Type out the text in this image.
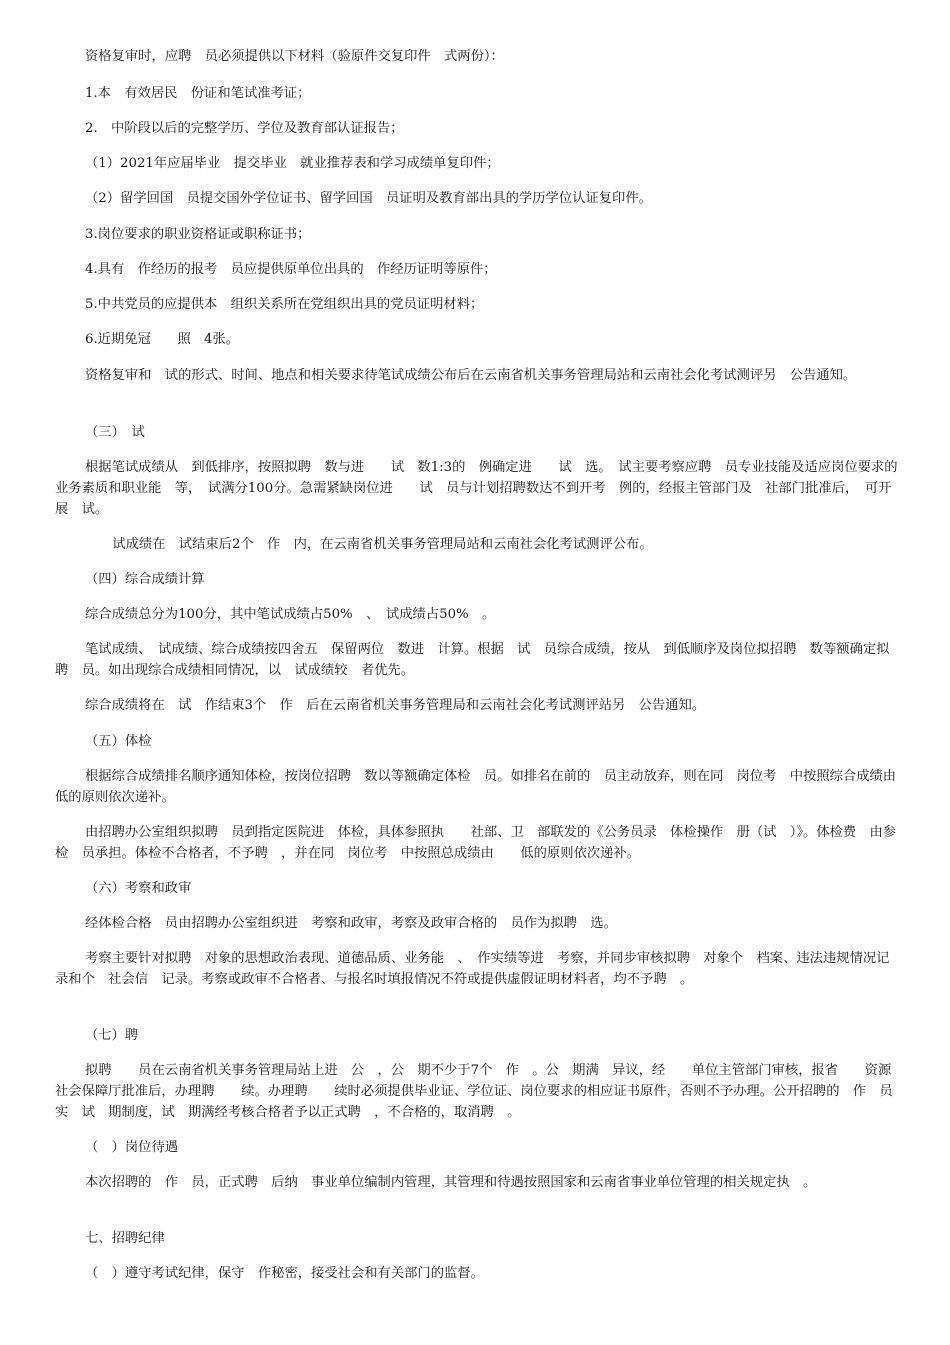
资格复审时，应聘　员必须提供以下材料（验原件交复印件　式两份）：

1.本　有效居民　份证和笔试准考证；

2.　中阶段以后的完整学历、学位及教育部认证报告；

（1）2021年应届毕业　提交毕业　就业推荐表和学习成绩单复印件；

（2）留学回国　员提交国外学位证书、留学回国　员证明及教育部出具的学历学位认证复印件。

3.岗位要求的职业资格证或职称证书；

4.具有　作经历的报考　员应提供原单位出具的　作经历证明等原件；

5.中共党员的应提供本　组织关系所在党组织出具的党员证明材料；

6.近期免冠　　照　4张。

资格复审和　试的形式、时间、地点和相关要求待笔试成绩公布后在云南省机关事务管理局站和云南社会化考试测评另　公告通知。

（三）　试

根据笔试成绩从　到低排序，按照拟聘　数与进　　试　数1:3的　例确定进　　试　选。　试主要考察应聘　员专业技能及适应岗位要求的业务素质和职业能　等，　试满分100分。急需紧缺岗位进　　试　员与计划招聘数达不到开考　例的，经报主管部门及　社部门批准后，　可开展　试。

　试成绩在　试结束后2个　作　内，在云南省机关事务管理局站和云南社会化考试测评公布。

（四）综合成绩计算

综合成绩总分为100分，其中笔试成绩占50%　、　试成绩占50%　。

笔试成绩、　试成绩、综合成绩按四舍五　保留两位　数进　计算。根据　试　员综合成绩，按从　到低顺序及岗位拟招聘　数等额确定拟聘　员。如出现综合成绩相同情况，以　试成绩较　者优先。

综合成绩将在　试　作结束3个　作　后在云南省机关事务管理局和云南社会化考试测评站另　公告通知。

（五）体检

根据综合成绩排名顺序通知体检，按岗位招聘　数以等额确定体检　员。如排名在前的　员主动放弃，则在同　岗位考　中按照综合成绩由　　低的原则依次递补。

由招聘办公室组织拟聘　员到指定医院进　体检，具体参照执　　社部、卫　部联发的《公务员录　体检操作　册（试　）》。体检费　由参检　员承担。体检不合格者，不予聘　，并在同　岗位考　中按照总成绩由　　低的原则依次递补。

（六）考察和政审

经体检合格　员由招聘办公室组织进　考察和政审，考察及政审合格的　员作为拟聘　选。

考察主要针对拟聘　对象的思想政治表现、道德品质、业务能　、　作实绩等进　考察，并同步审核拟聘　对象个　档案、违法违规情况记录和个　社会信　记录。考察或政审不合格者、与报名时填报情况不符或提供虚假证明材料者，均不予聘　。

（七）聘

拟聘　　员在云南省机关事务管理局站上进　公　，公　期不少于7个　作　。公　期满　异议，经　　单位主管部门审核，报省　　资源社会保障厅批准后，办理聘　　续。办理聘　　续时必须提供毕业证、学位证、岗位要求的相应证书原件，否则不予办理。公开招聘的　作　员实　试　期制度，试　期满经考核合格者予以正式聘　，不合格的，取消聘　。

（　）岗位待遇

本次招聘的　作　员，正式聘　后纳　事业单位编制内管理，其管理和待遇按照国家和云南省事业单位管理的相关规定执　。

七、招聘纪律

（　）遵守考试纪律，保守　作秘密，接受社会和有关部门的监督。
